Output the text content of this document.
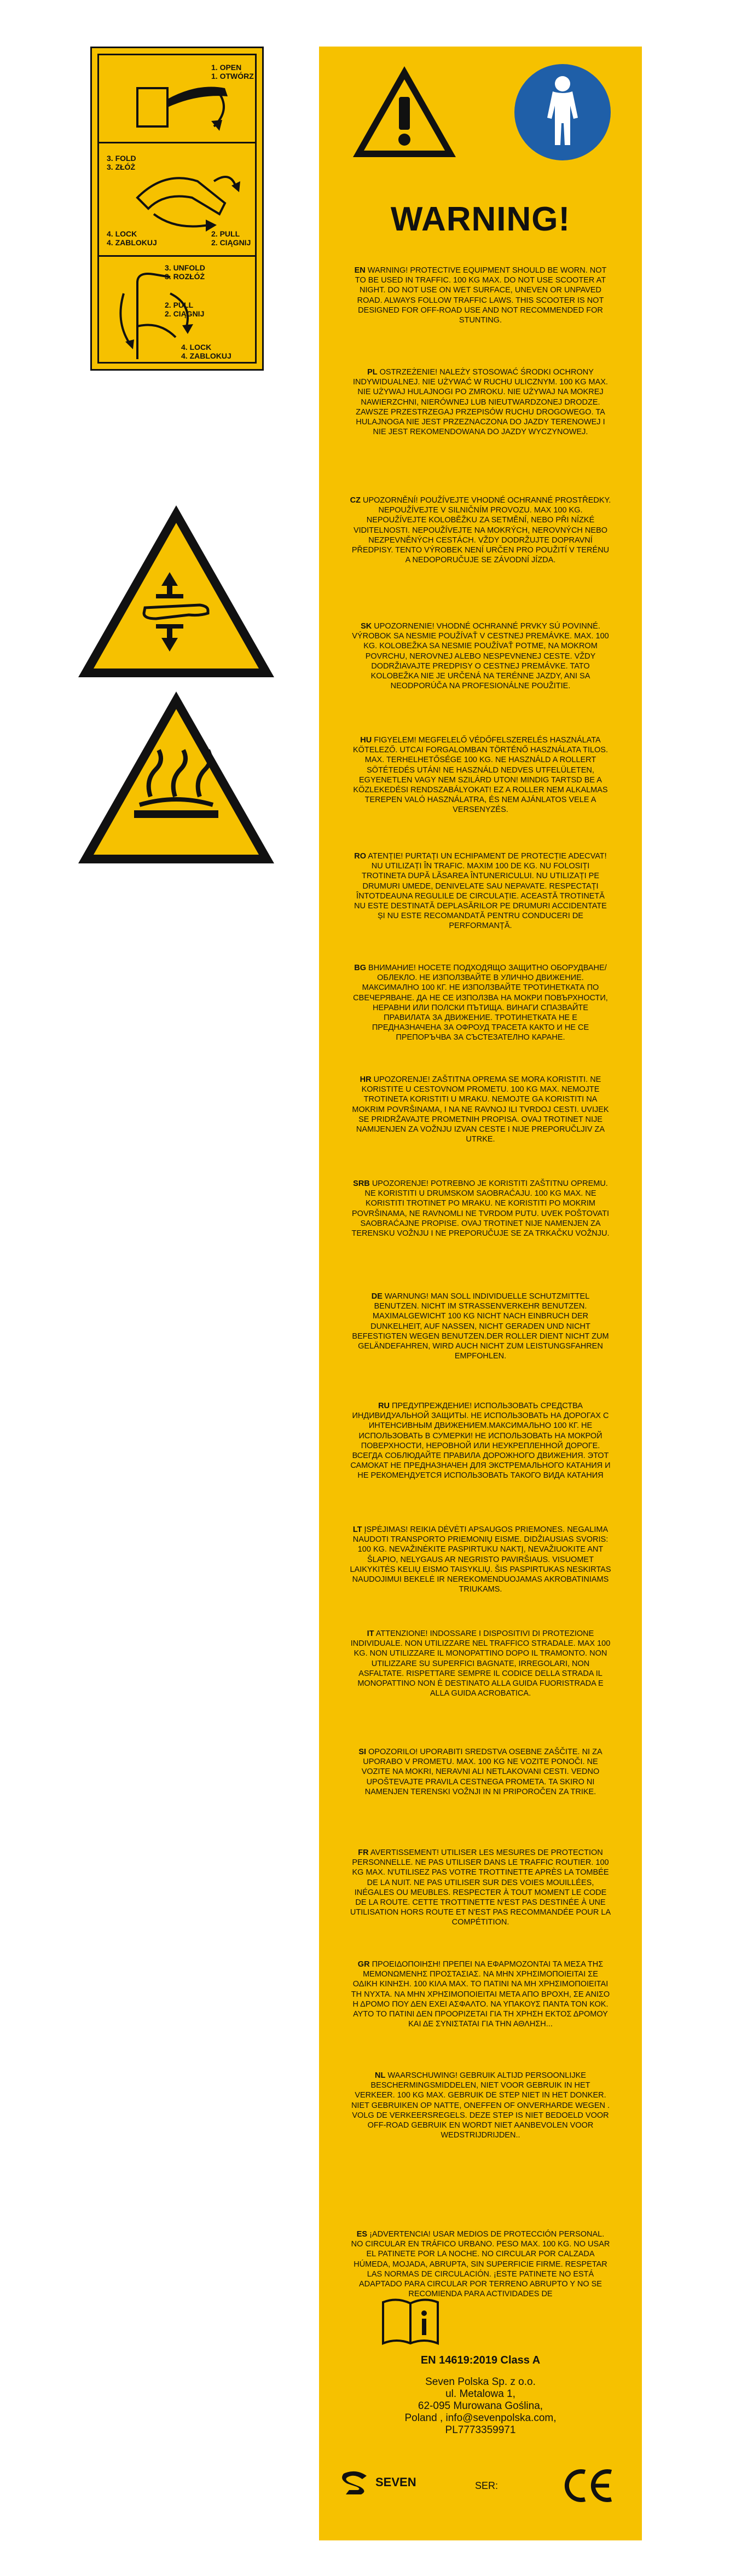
1. OPEN
1. OTWÓRZ
3. FOLD
3. ZŁÓŻ
4. LOCK
4. ZABLOKUJ
2. PULL
2. CIĄGNIJ
3. UNFOLD
3. ROZŁÓŻ
2. PULL
2. CIĄGNIJ
4. LOCK
4. ZABLOKUJ
WARNING!
EN WARNING! PROTECTIVE EQUIPMENT SHOULD BE WORN. NOT TO BE USED IN TRAFFIC. 100 KG MAX. DO NOT USE SCOOTER AT NIGHT. DO NOT USE ON WET SURFACE, UNEVEN OR UNPAVED ROAD. ALWAYS FOLLOW TRAFFIC LAWS. THIS SCOOTER IS NOT DESIGNED FOR OFF-ROAD USE AND NOT RECOMMENDED FOR STUNTING.
PL OSTRZEŻENIE! NALEŻY STOSOWAĆ ŚRODKI OCHRONY INDYWIDUALNEJ. NIE UŻYWAĆ W RUCHU ULICZNYM. 100 KG MAX. NIE UŻYWAJ HULAJNOGI PO ZMROKU. NIE UŻYWAJ NA MOKREJ NAWIERZCHNI, NIERÓWNEJ LUB NIEUTWARDZONEJ DRODZE. ZAWSZE PRZESTRZEGAJ PRZEPISÓW RUCHU DROGOWEGO. TA HULAJNOGA NIE JEST PRZEZNACZONA DO JAZDY TERENOWEJ I NIE JEST REKOMENDOWANA DO JAZDY WYCZYNOWEJ.
CZ UPOZORNĚNÍ! POUŽÍVEJTE VHODNÉ OCHRANNÉ PROSTŘEDKY. NEPOUŽÍVEJTE V SILNIČNÍM PROVOZU. MAX 100 KG. NEPOUŽÍVEJTE KOLOBĚŽKU ZA SETMĚNÍ, NEBO PŘI NÍZKÉ VIDITELNOSTI. NEPOUŽÍVEJTE NA MOKRÝCH, NEROVNÝCH NEBO NEZPEVNĚNÝCH CESTÁCH. VŽDY DODRŽUJTE DOPRAVNÍ PŘEDPISY. TENTO VÝROBEK NENÍ URČEN PRO POUŽITÍ V TERÉNU A NEDOPORUČUJE SE ZÁVODNÍ JÍZDA.
SK UPOZORNENIE! VHODNÉ OCHRANNÉ PRVKY SÚ POVINNÉ. VÝROBOK SA NESMIE POUŽÍVAŤ V CESTNEJ PREMÁVKE. MAX. 100 KG. KOLOBEŽKA SA NESMIE POUŽÍVAŤ POTME, NA MOKROM POVRCHU, NEROVNEJ ALEBO NESPEVNENEJ CESTE. VŽDY DODRŽIAVAJTE PREDPISY O CESTNEJ PREMÁVKE. TATO KOLOBEŽKA NIE JE URČENÁ NA TERÉNNE JAZDY, ANI SA NEODPORÚČA NA PROFESIONÁLNE POUŽITIE.
HU FIGYELEM! MEGFELELŐ VÉDŐFELSZERELÉS HASZNÁLATA KÖTELEZŐ. UTCAI FORGALOMBAN TÖRTÉNŐ HASZNÁLATA TILOS. MAX. TERHELHETŐSÉGE 100 KG. NE HASZNÁLD A ROLLERT SÖTÉTEDÉS UTÁN! NE HASZNÁLD NEDVES UTFELÜLETEN, EGYENETLEN VAGY NEM SZILÁRD UTON! MINDIG TARTSD BE A KÖZLEKEDÉSI RENDSZABÁLYOKAT! EZ A ROLLER NEM ALKALMAS TEREPEN VALÓ HASZNÁLATRA, ÉS NEM AJÁNLATOS VELE A VERSENYZÉS.
RO ATENȚIE! PURTAȚI UN ECHIPAMENT DE PROTECȚIE ADECVAT! NU UTILIZAȚI ÎN TRAFIC. MAXIM 100 DE KG. NU FOLOSIȚI TROTINETA DUPĂ LĂSAREA ÎNTUNERICULUI. NU UTILIZAȚI PE DRUMURI UMEDE, DENIVELATE SAU NEPAVATE. RESPECTAȚI ÎNTOTDEAUNA REGULILE DE CIRCULAȚIE. ACEASTĂ TROTINETĂ NU ESTE DESTINATĂ DEPLASĂRILOR PE DRUMURI ACCIDENTATE ȘI NU ESTE RECOMANDATĂ PENTRU CONDUCERI DE PERFORMANȚĂ.
BG ВНИМАНИЕ! НОСЕТЕ ПОДХОДЯЩО ЗАЩИТНО ОБОРУДВАНЕ/ОБЛЕКЛО. НЕ ИЗПОЛЗВАЙТЕ В УЛИЧНО ДВИЖЕНИЕ. МАКСИМАЛНО 100 КГ. НЕ ИЗПОЛЗВАЙТЕ ТРОТИНЕТКАТА ПО СВЕЧЕРЯВАНЕ. ДА НЕ СЕ ИЗПОЛЗВА НА МОКРИ ПОВЪРХНОСТИ, НЕРАВНИ ИЛИ ПОЛСКИ ПЪТИЩА. ВИНАГИ СПАЗВАЙТЕ ПРАВИЛАТА ЗА ДВИЖЕНИЕ. ТРОТИНЕТКАТА НЕ Е ПРЕДНАЗНАЧЕНА ЗА ОФРОУД ТРАСЕТА КАКТО И НЕ СЕ ПРЕПОРЪЧВА ЗА СЪСТЕЗАТЕЛНО КАРАНЕ.
HR UPOZORENJE! ZAŠTITNA OPREMA SE MORA KORISTITI. NE KORISTITE U CESTOVNOM PROMETU. 100 KG MAX. NEMOJTE TROTINETA KORISTITI U MRAKU. NEMOJTE GA KORISTITI NA MOKRIM POVRŠINAMA, I NA NE RAVNOJ ILI TVRDOJ CESTI. UVIJEK SE PRIDRŽAVAJTE PROMETNIH PROPISA. OVAJ TROTINET NIJE NAMIJENJEN ZA VOŽNJU IZVAN CESTE I NIJE PREPORUČLJIV ZA UTRKE.
SRB UPOZORENJE! POTREBNO JE KORISTITI ZAŠTITNU OPREMU. NE KORISTITI U DRUMSKOM SAOBRAĆAJU. 100 KG MAX. NE KORISTITI TROTINET PO MRAKU. NE KORISTITI PO MOKRIM POVRŠINAMA, NE RAVNOMLI NE TVRDOM PUTU. UVEK POŠTOVATI SAOBRAĆAJNE PROPISE. OVAJ TROTINET NIJE NAMENJEN ZA TERENSKU VOŽNJU I NE PREPORUČUJE SE ZA TRKAČKU VOŽNJU.
DE WARNUNG! MAN SOLL INDIVIDUELLE SCHUTZMITTEL BENUTZEN. NICHT IM STRASSENVERKEHR BENUTZEN. MAXIMALGEWICHT 100 KG NICHT NACH EINBRUCH DER DUNKELHEIT, AUF NASSEN, NICHT GERADEN UND NICHT BEFESTIGTEN WEGEN BENUTZEN.DER ROLLER DIENT NICHT ZUM GELÄNDEFAHREN, WIRD AUCH NICHT ZUM LEISTUNGSFAHREN EMPFOHLEN.
RU ПРЕДУПРЕЖДЕНИЕ! ИСПОЛЬЗОВАТЬ СРЕДСТВА ИНДИВИДУАЛЬНОЙ ЗАЩИТЫ. НЕ ИСПОЛЬЗОВАТЬ НА ДОРОГАХ С ИНТЕНСИВНЫМ ДВИЖЕНИЕМ.МАКСИМАЛЬНО 100 КГ. НЕ ИСПОЛЬЗОВАТЬ В СУМЕРКИ! НЕ ИСПОЛЬЗОВАТЬ НА МОКРОЙ ПОВЕРХНОСТИ, НЕРОВНОЙ ИЛИ НЕУКРЕПЛЕННОЙ ДОРОГЕ. ВСЕГДА СОБЛЮДАЙТЕ ПРАВИЛА ДОРОЖНОГО ДВИЖЕНИЯ. ЭТОТ САМОКАТ НЕ ПРЕДНАЗНАЧЕН ДЛЯ ЭКСТРЕМАЛЬНОГО КАТАНИЯ И НЕ РЕКОМЕНДУЕТСЯ ИСПОЛЬЗОВАТЬ ТАКОГО ВИДА КАТАНИЯ
LT ĮSPĖJIMAS! REIKIA DĖVĖTI APSAUGOS PRIEMONES. NEGALIMA NAUDOTI TRANSPORTO PRIEMONIŲ EISME. DIDŽIAUSIAS SVORIS: 100 KG. NEVAŽINĖKITE PASPIRTUKU NAKTĮ, NEVAŽIUOKITE ANT ŠLAPIO, NELYGAUS AR NEGRISTO PAVIRŠIAUS. VISUOMET LAIKYKITĖS KELIŲ EISMO TAISYKLIŲ. ŠIS PASPIRTUKAS NESKIRTAS NAUDOJIMUI BEKELĖ IR NEREKOMENDUOJAMAS AKROBATINIAMS TRIUKAMS.
IT ATTENZIONE! INDOSSARE I DISPOSITIVI DI PROTEZIONE INDIVIDUALE. NON UTILIZZARE NEL TRAFFICO STRADALE. MAX 100 KG. NON UTILIZZARE IL MONOPATTINO DOPO IL TRAMONTO. NON UTILIZZARE SU SUPERFICI BAGNATE, IRREGOLARI, NON ASFALTATE. RISPETTARE SEMPRE IL CODICE DELLA STRADA IL MONOPATTINO NON È DESTINATO ALLA GUIDA FUORISTRADA E ALLA GUIDA ACROBATICA.
SI OPOZORILO! UPORABITI SREDSTVA OSEBNE ZAŠČITE. NI ZA UPORABO V PROMETU. MAX. 100 KG NE VOZITE PONOČI. NE VOZITE NA MOKRI, NERAVNI ALI NETLAKOVANI CESTI. VEDNO UPOŠTEVAJTE PRAVILA CESTNEGA PROMETA. TA SKIRO NI NAMENJEN TERENSKI VOŽNJI IN NI PRIPOROČEN ZA TRIKE.
FR AVERTISSEMENT! UTILISER LES MESURES DE PROTECTION PERSONNELLE. NE PAS UTILISER DANS LE TRAFFIC ROUTIER. 100 KG MAX. N'UTILISEZ PAS VOTRE TROTTINETTE APRÈS LA TOMBÉE DE LA NUIT. NE PAS UTILISER SUR DES VOIES MOUILLÉES, INÉGALES OU MEUBLES. RESPECTER À TOUT MOMENT LE CODE DE LA ROUTE. CETTE TROTTINETTE N'EST PAS DESTINÉE À UNE UTILISATION HORS ROUTE ET N'EST PAS RECOMMANDÉE POUR LA COMPÉTITION.
GR ΠΡΟΕΙΔΟΠΟΙΗΣΗ! ΠΡΕΠΕΙ ΝΑ ΕΦΑΡΜΟΖΟΝΤΑΙ ΤΑ ΜΕΣΑ ΤΗΣ ΜΕΜΟΝΩΜΕΝΗΣ ΠΡΟΣΤΑΣΙΑΣ. ΝΑ ΜΗΝ ΧΡΗΣΙΜΟΠΟΙΕΙΤΑΙ ΣΕ ΟΔΙΚΗ ΚΙΝΗΣΗ. 100 ΚΙΛΑ MAX. ΤΟ ΠΑΤΙΝΙ ΝΑ ΜΗ ΧΡΗΣΙΜΟΠΟΙΕΙΤΑΙ ΤΗ ΝΥΧΤΑ. ΝΑ ΜΗΝ ΧΡΗΣΙΜΟΠΟΙΕΙΤΑΙ ΜΕΤΑ ΑΠΟ ΒΡΟΧΗ, ΣΕ ΑΝΙΣΟ Η ΔΡΟΜΟ ΠΟΥ ΔΕΝ ΕΧΕΙ ΑΣΦΑΛΤΟ. ΝΑ ΥΠΑΚΟΥΣ ΠΑΝΤΑ ΤΟΝ ΚΟΚ. ΑΥΤΟ ΤΟ ΠΑΤΙΝΙ ΔΕΝ ΠΡΟΟΡΙΖΕΤΑΙ ΓΙΑ ΤΗ ΧΡΗΣΗ ΕΚΤΟΣ ΔΡΟΜΟΥ ΚΑΙ ΔΕ ΣΥΝΙΣΤΑΤΑΙ ΓΙΑ ΤΗΝ ΑΘΛΗΣΗ...
NL WAARSCHUWING! GEBRUIK ALTIJD PERSOONLIJKE BESCHERMINGSMIDDELEN, NIET VOOR GEBRUIK IN HET VERKEER. 100 KG MAX. GEBRUIK DE STEP NIET IN HET DONKER. NIET GEBRUIKEN OP NATTE, ONEFFEN OF ONVERHARDE WEGEN . VOLG DE VERKEERSREGELS. DEZE STEP IS NIET BEDOELD VOOR OFF-ROAD GEBRUIK EN WORDT NIET AANBEVOLEN VOOR WEDSTRIJDRIJDEN..
ES ¡ADVERTENCIA! USAR MEDIOS DE PROTECCIÓN PERSONAL. NO CIRCULAR EN TRÁFICO URBANO. PESO MAX. 100 KG. NO USAR EL PATINETE POR LA NOCHE. NO CIRCULAR POR CALZADA HÚMEDA, MOJADA, ABRUPTA, SIN SUPERFICIE FIRME. RESPETAR LAS NORMAS DE CIRCULACIÓN. ¡ESTE PATINETE NO ESTÁ ADAPTADO PARA CIRCULAR POR TERRENO ABRUPTO Y NO SE RECOMIENDA PARA ACTIVIDADES DE
EN 14619:2019 Class A
Seven Polska Sp. z o.o.
ul. Metalowa 1,
62-095 Murowana Goślina,
Poland , info@sevenpolska.com,
PL7773359971
SEVEN	SER:
